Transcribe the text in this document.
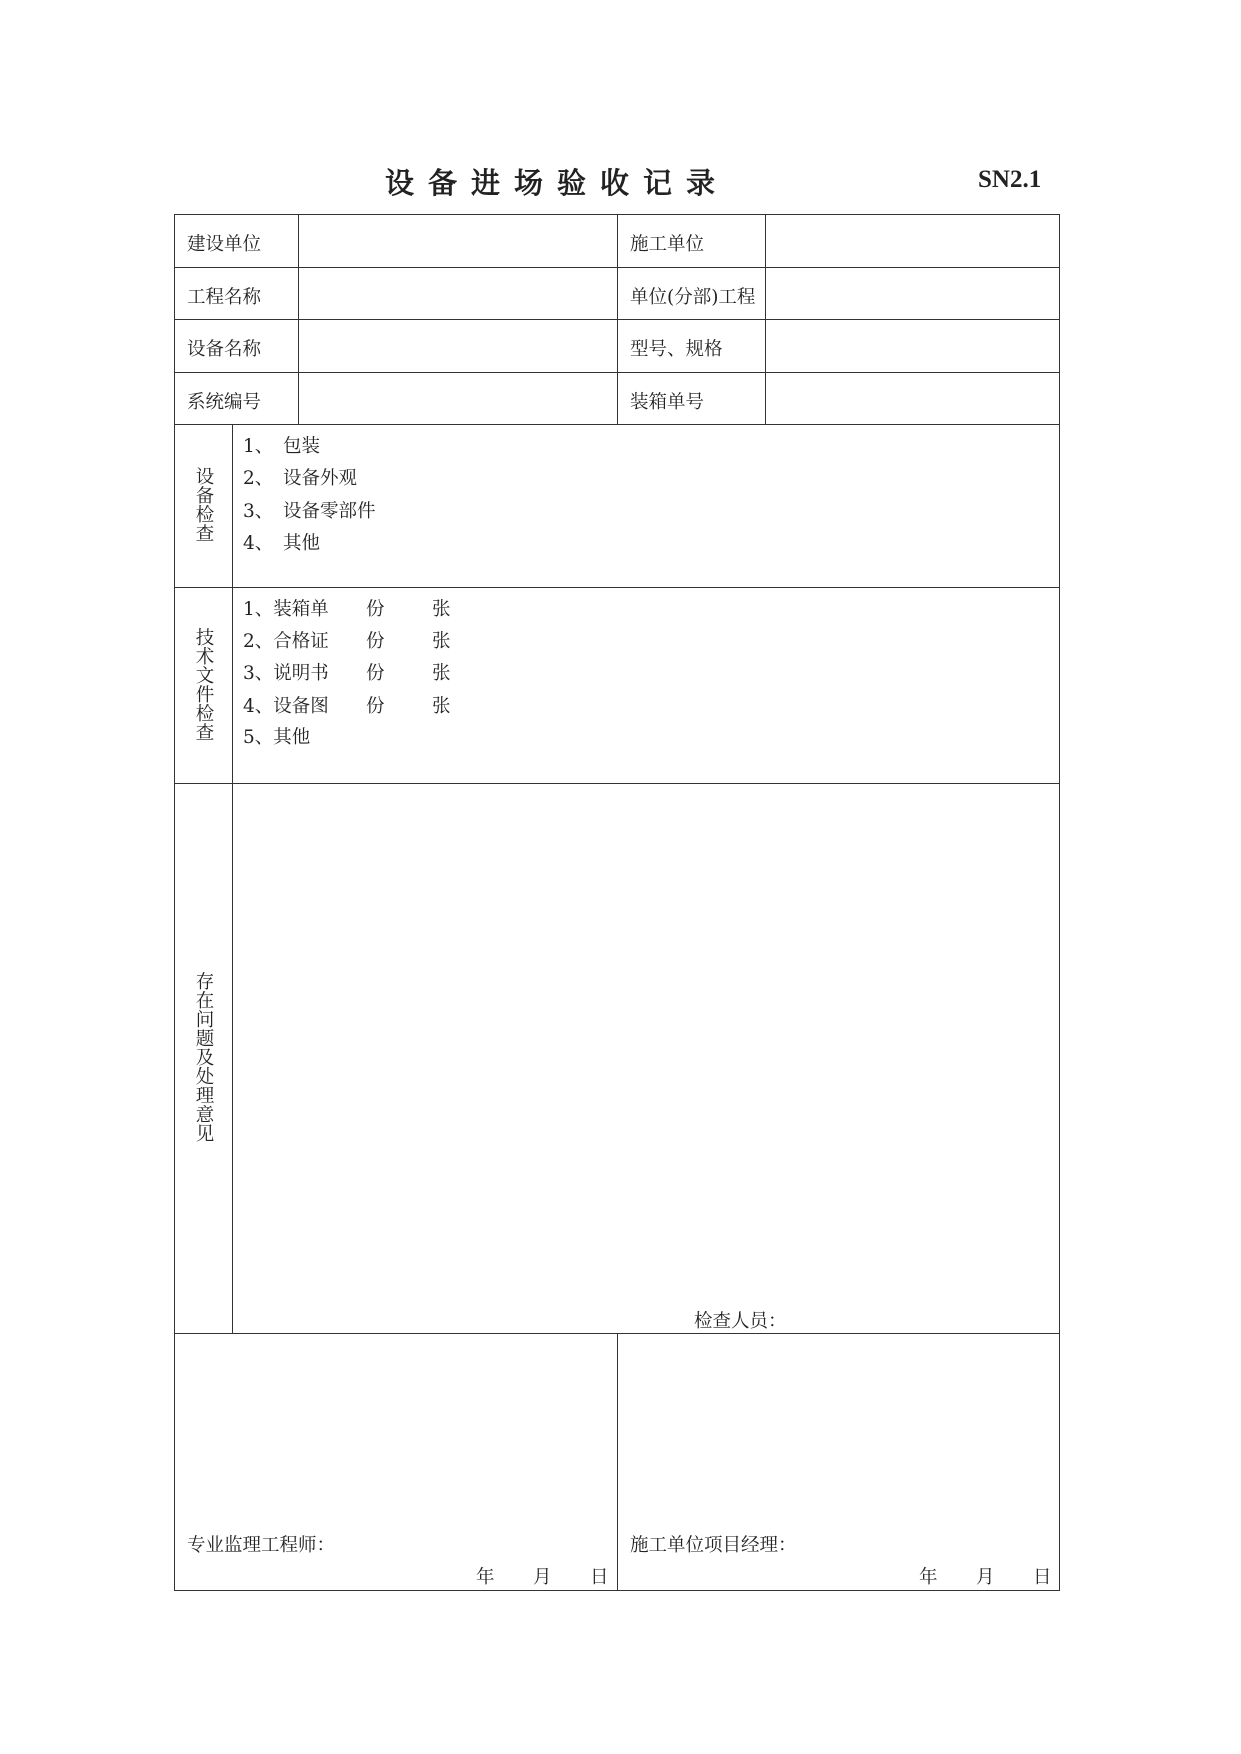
设备进场验收记录	SN2.1
建设单位	施工单位
工程名称	单位(分部)工程
设备名称	型号、规格
系统编号	装箱单号
设备检查
1、 包装
2、 设备外观
3、 设备零部件
4、 其他
技术文件检查
1、装箱单 份	张
2、合格证 份	张
3、说明书 份	张
4、设备图 份	张
5、其他
存在问题及处理意见
检查人员：
专业监理工程师：
年 月 日
施工单位项目经理：
年 月 日
